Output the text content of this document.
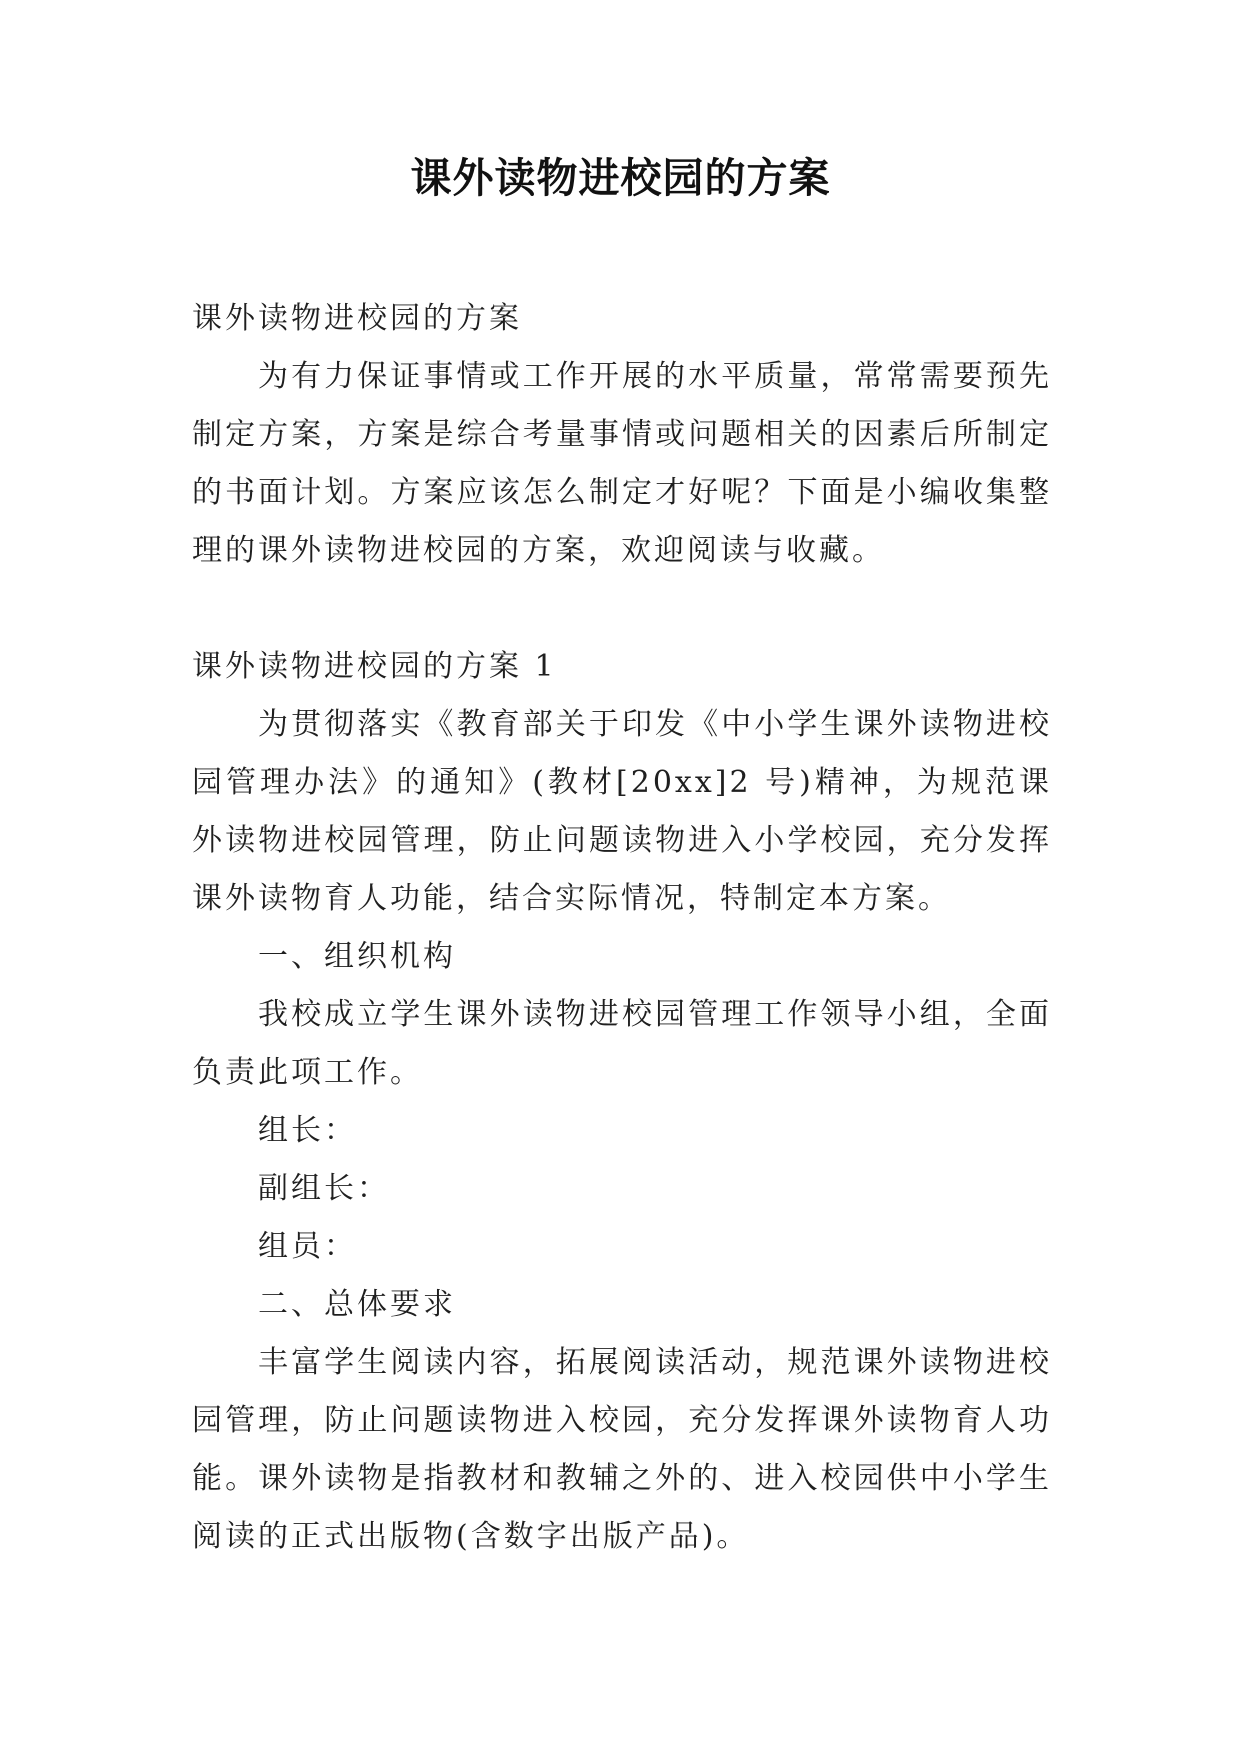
课外读物进校园的方案

课外读物进校园的方案

为有力保证事情或工作开展的水平质量，常常需要预先制定方案，方案是综合考量事情或问题相关的因素后所制定的书面计划。方案应该怎么制定才好呢？下面是小编收集整理的课外读物进校园的方案，欢迎阅读与收藏。

课外读物进校园的方案 1

为贯彻落实《教育部关于印发《中小学生课外读物进校园管理办法》的通知》(教材[20xx]2 号)精神，为规范课外读物进校园管理，防止问题读物进入小学校园，充分发挥课外读物育人功能，结合实际情况，特制定本方案。

一、组织机构

我校成立学生课外读物进校园管理工作领导小组，全面负责此项工作。

组长：

副组长：

组员：

二、总体要求

丰富学生阅读内容，拓展阅读活动，规范课外读物进校园管理，防止问题读物进入校园，充分发挥课外读物育人功能。课外读物是指教材和教辅之外的、进入校园供中小学生阅读的正式出版物(含数字出版产品)。
